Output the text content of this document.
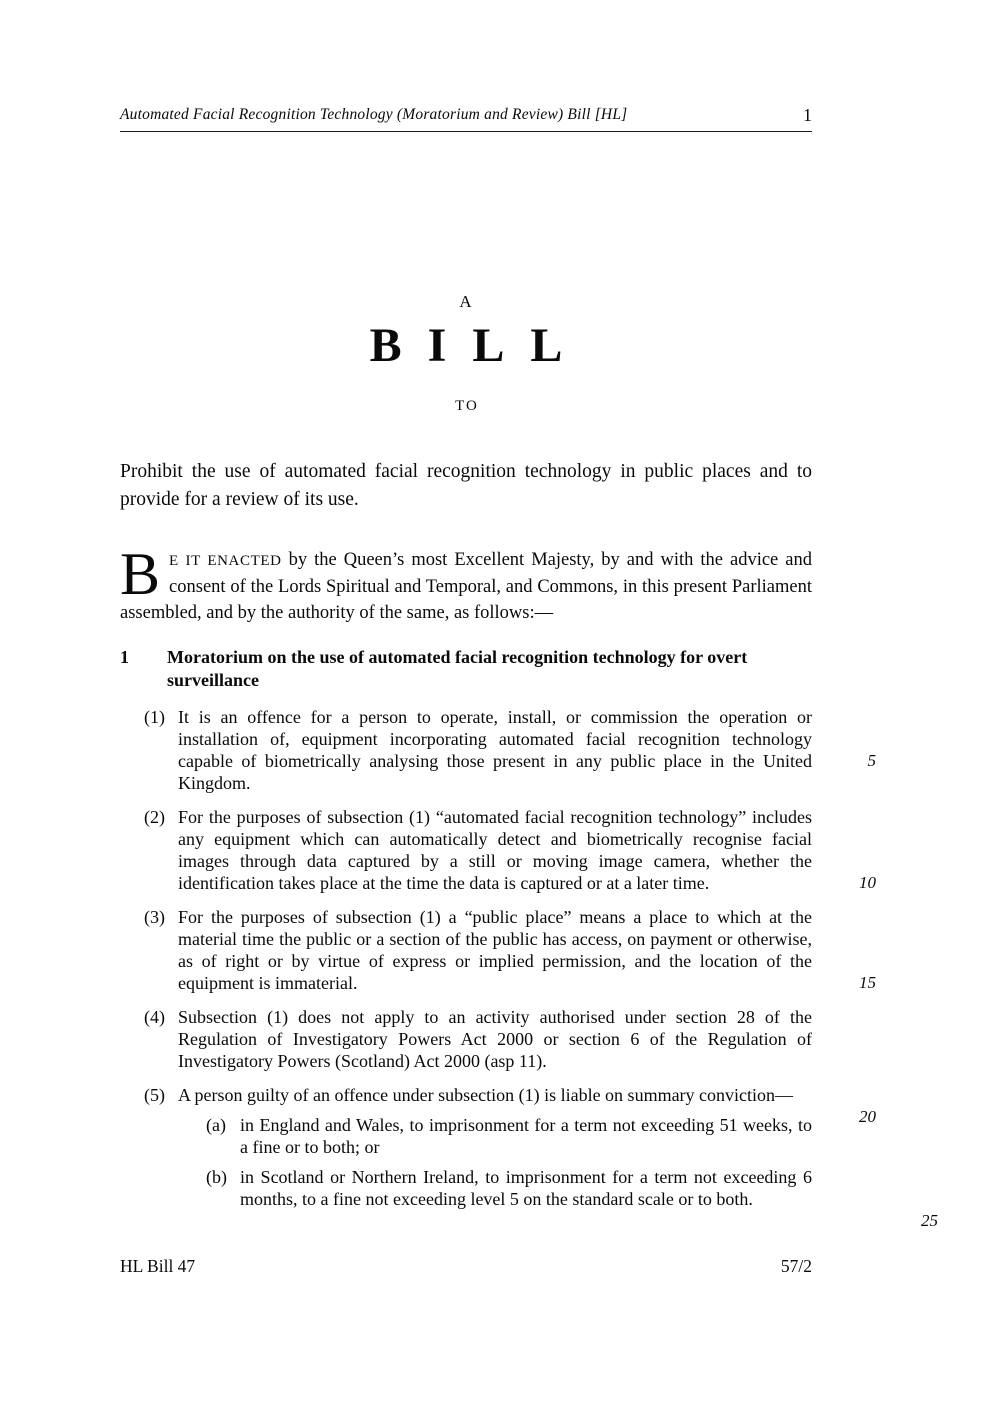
Automated Facial Recognition Technology (Moratorium and Review) Bill [HL]	1
A
BILL
TO

Prohibit the use of automated facial recognition technology in public places and to provide for a review of its use.

B E IT ENACTED by the Queen’s most Excellent Majesty, by and with the advice and consent of the Lords Spiritual and Temporal, and Commons, in this present Parliament assembled, and by the authority of the same, as follows:—

1	Moratorium on the use of automated facial recognition technology for overt surveillance
(1) It is an offence for a person to operate, install, or commission the operation or installation of, equipment incorporating automated facial recognition technology capable of biometrically analysing those present in any public place in the United Kingdom.
5
(2) For the purposes of subsection (1) “automated facial recognition technology” includes any equipment which can automatically detect and biometrically recognise facial images through data captured by a still or moving image camera, whether the identification takes place at the time the data is captured or at a later time.	10
(3) For the purposes of subsection (1) a “public place” means a place to which at the material time the public or a section of the public has access, on payment or otherwise, as of right or by virtue of express or implied permission, and the location of the equipment is immaterial.	15
(4) Subsection (1) does not apply to an activity authorised under section 28 of the Regulation of Investigatory Powers Act 2000 or section 6 of the Regulation of Investigatory Powers (Scotland) Act 2000 (asp 11).
(5) A person guilty of an offence under subsection (1) is liable on summary conviction—
(a) in England and Wales, to imprisonment for a term not exceeding 51 weeks, to a fine or to both; or
(b) in Scotland or Northern Ireland, to imprisonment for a term not exceeding 6 months, to a fine not exceeding level 5 on the standard scale or to both.
25
20
HL Bill 47	57/2
